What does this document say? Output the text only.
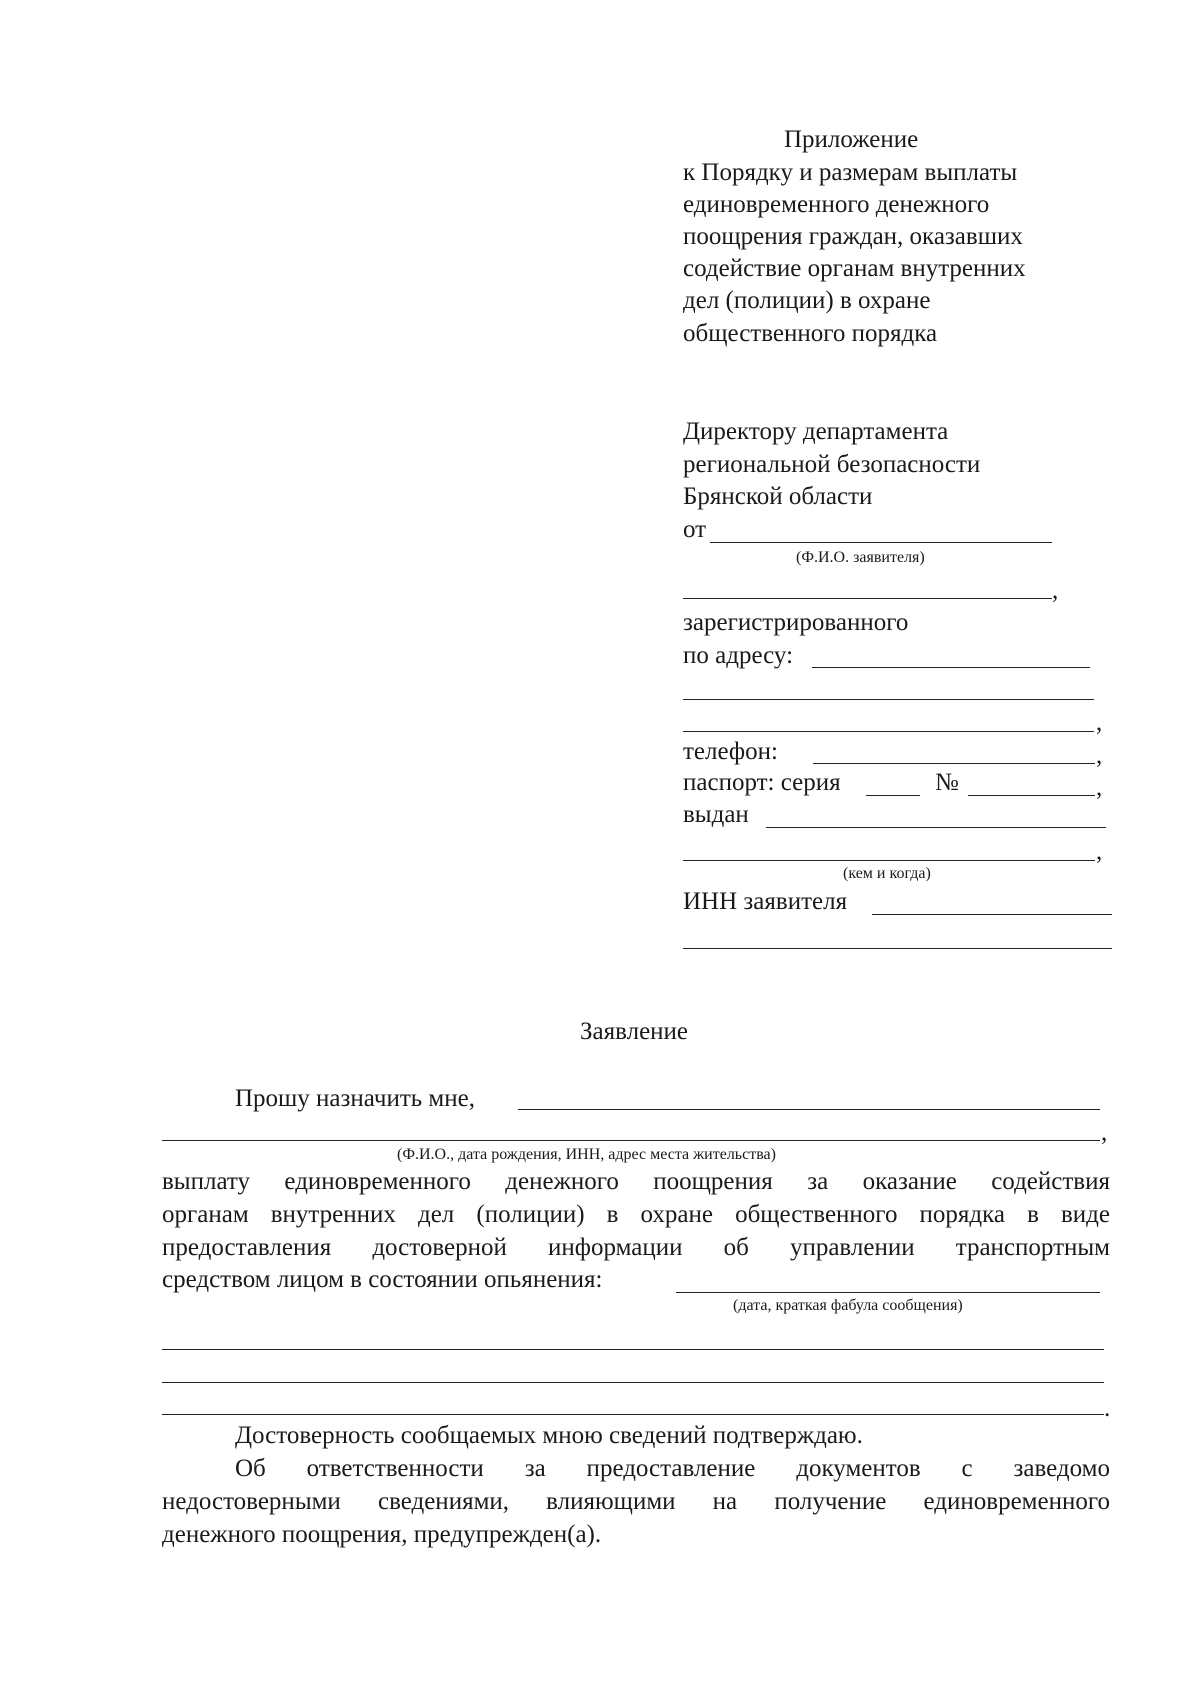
Приложение
к Порядку и размерам выплаты
единовременного денежного
поощрения граждан, оказавших
содействие органам внутренних
дел (полиции) в охране
общественного порядка
Директору департамента
региональной безопасности
Брянской области
от
(Ф.И.О. заявителя)
,
зарегистрированного
по адресу:
,
телефон:	,
паспорт: серия	№	,
выдан
,
(кем и когда)
ИНН заявителя
Заявление
Прошу назначить мне,
,
(Ф.И.О., дата рождения, ИНН, адрес места жительства)
выплату единовременного денежного поощрения за оказание содействия
органам внутренних дел (полиции) в охране общественного порядка в виде
предоставления достоверной информации об управлении транспортным
средством лицом в состоянии опьянения:
(дата, краткая фабула сообщения)
.
Достоверность сообщаемых мною сведений подтверждаю.
Об ответственности за предоставление документов с заведомо
недостоверными сведениями, влияющими на получение единовременного
денежного поощрения, предупрежден(а).
